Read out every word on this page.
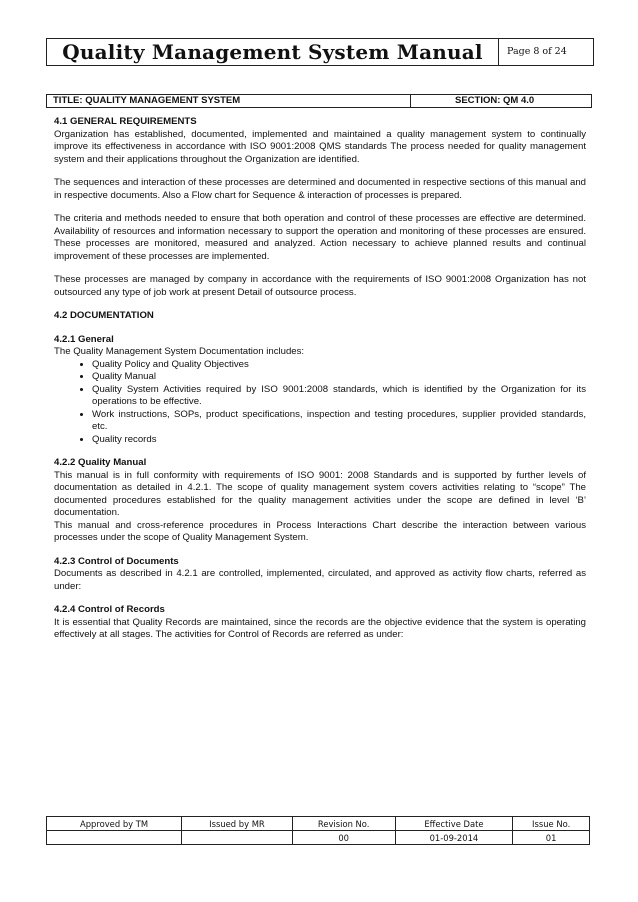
Quality Management System Manual	Page 8 of 24
TITLE: QUALITY MANAGEMENT SYSTEM	SECTION: QM 4.0

4.1 GENERAL REQUIREMENTS

Organization has established, documented, implemented and maintained a quality management system to continually improve its effectiveness in accordance with ISO 9001:2008 QMS standards The process needed for quality management system and their applications throughout the Organization are identified.

The sequences and interaction of these processes are determined and documented in respective sections of this manual and in respective documents. Also a Flow chart for Sequence & interaction of processes is prepared.

The criteria and methods needed to ensure that both operation and control of these processes are effective are determined. Availability of resources and information necessary to support the operation and monitoring of these processes are ensured. These processes are monitored, measured and analyzed. Action necessary to achieve planned results and continual improvement of these processes are implemented.

These processes are managed by company in accordance with the requirements of ISO 9001:2008 Organization has not outsourced any type of job work at present Detail of outsource process.

4.2 DOCUMENTATION

4.2.1 General

The Quality Management System Documentation includes:

• Quality Policy and Quality Objectives
• Quality Manual
• Quality System Activities required by ISO 9001:2008 standards, which is identified by the Organization for its operations to be effective.
• Work instructions, SOPs, product specifications, inspection and testing procedures, supplier provided standards, etc.
• Quality records

4.2.2 Quality Manual

This manual is in full conformity with requirements of ISO 9001: 2008 Standards and is supported by further levels of documentation as detailed in 4.2.1. The scope of quality management system covers activities relating to “scope” The documented procedures established for the quality management activities under the scope are defined in level ‘B’ documentation.

This manual and cross-reference procedures in Process Interactions Chart describe the interaction between various processes under the scope of Quality Management System.

4.2.3 Control of Documents

Documents as described in 4.2.1 are controlled, implemented, circulated, and approved as activity flow charts, referred as under:

4.2.4 Control of Records

It is essential that Quality Records are maintained, since the records are the objective evidence that the system is operating effectively at all stages. The activities for Control of Records are referred as under:

Approved by TM	Issued by MR	Revision No.	Effective Date	Issue No.
		00	01-09-2014	01
